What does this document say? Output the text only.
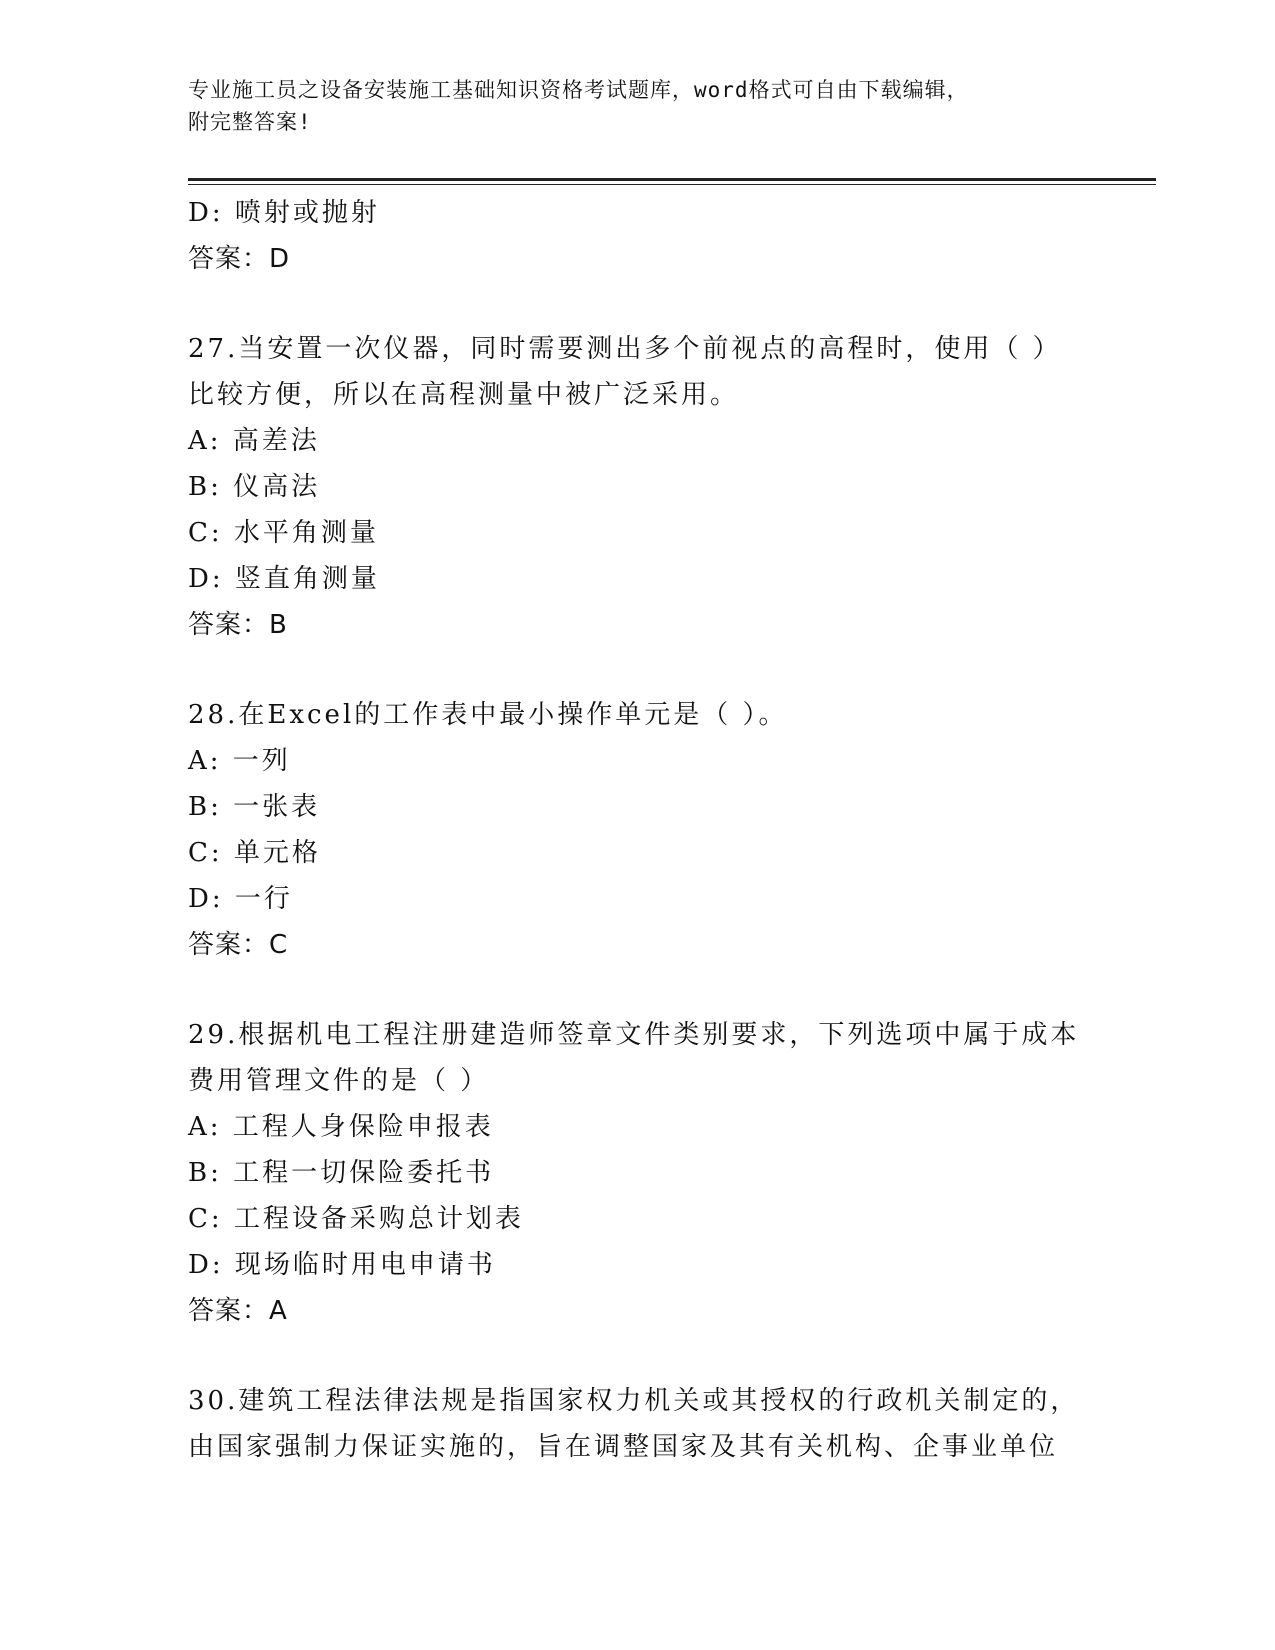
专业施工员之设备安装施工基础知识资格考试题库，word格式可自由下载编辑，
附完整答案!
D: 喷射或抛射
答案：D
27.当安置一次仪器，同时需要测出多个前视点的高程时，使用（ ）
比较方便，所以在高程测量中被广泛采用。
A: 高差法
B: 仪高法
C: 水平角测量
D: 竖直角测量
答案：B
28.在Excel的工作表中最小操作单元是（ ）。
A: 一列
B: 一张表
C: 单元格
D: 一行
答案：C
29.根据机电工程注册建造师签章文件类别要求，下列选项中属于成本
费用管理文件的是（ ）
A: 工程人身保险申报表
B: 工程一切保险委托书
C: 工程设备采购总计划表
D: 现场临时用电申请书
答案：A
30.建筑工程法律法规是指国家权力机关或其授权的行政机关制定的，
由国家强制力保证实施的，旨在调整国家及其有关机构、企事业单位
